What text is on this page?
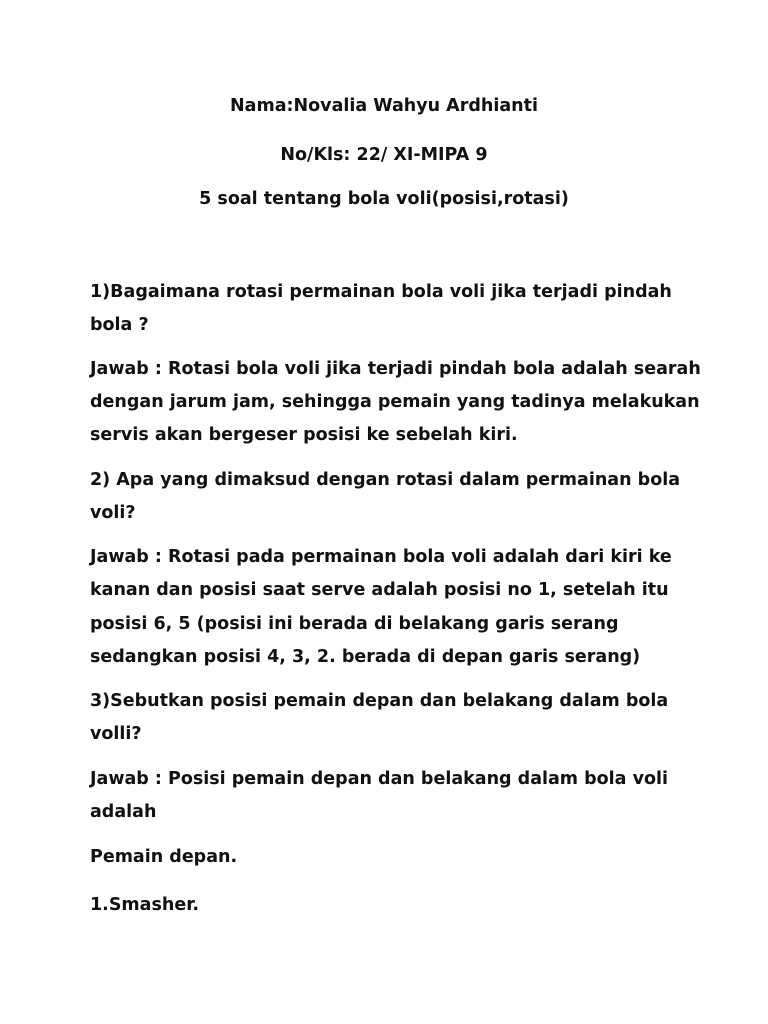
Nama:Novalia Wahyu Ardhianti
No/Kls: 22/ XI-MIPA 9
5 soal tentang bola voli(posisi,rotasi)
1)Bagaimana rotasi permainan bola voli jika terjadi pindah
bola ?
Jawab : Rotasi bola voli jika terjadi pindah bola adalah searah
dengan jarum jam, sehingga pemain yang tadinya melakukan
servis akan bergeser posisi ke sebelah kiri.
2) Apa yang dimaksud dengan rotasi dalam permainan bola
voli?
Jawab : Rotasi pada permainan bola voli adalah dari kiri ke
kanan dan posisi saat serve adalah posisi no 1, setelah itu
posisi 6, 5 (posisi ini berada di belakang garis serang
sedangkan posisi 4, 3, 2. berada di depan garis serang)
3)Sebutkan posisi pemain depan dan belakang dalam bola
volli?
Jawab : Posisi pemain depan dan belakang dalam bola voli
adalah
Pemain depan.
1.Smasher.
